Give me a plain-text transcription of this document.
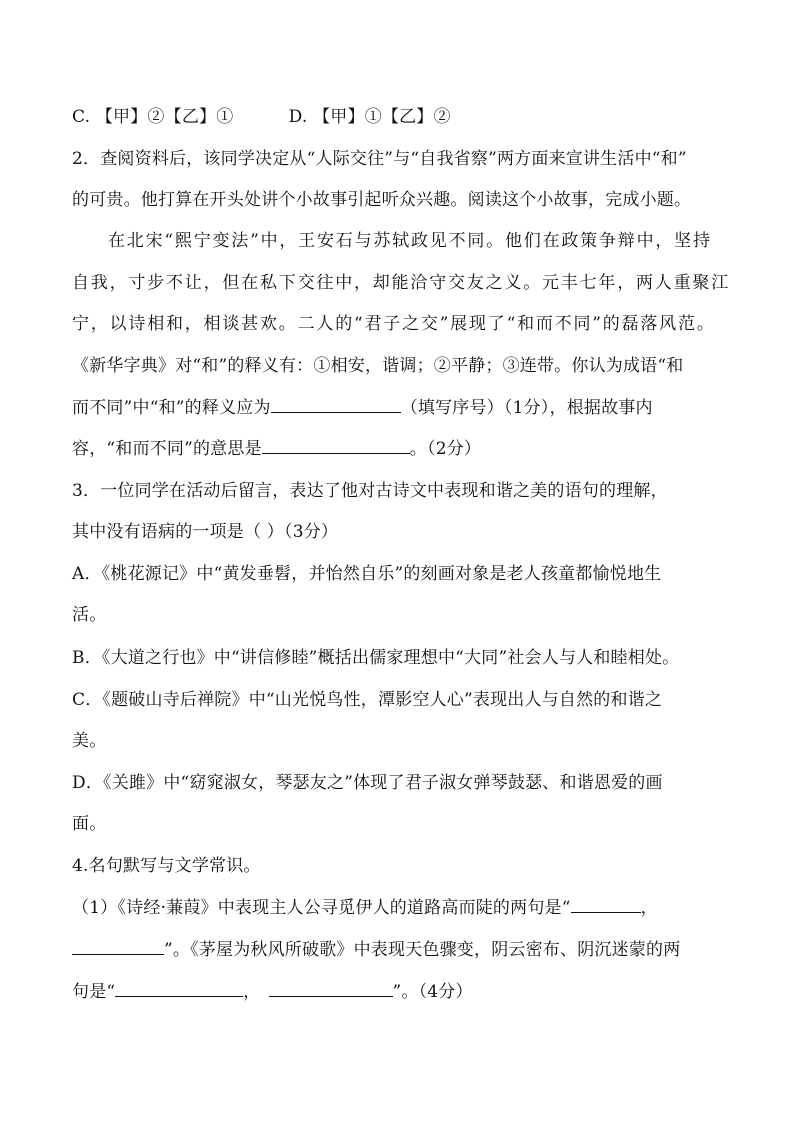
C. 【甲】②【乙】①	D. 【甲】①【乙】②
2．查阅资料后，该同学决定从“人际交往”与“自我省察”两方面来宣讲生活中“和”
的可贵。他打算在开头处讲个小故事引起听众兴趣。阅读这个小故事，完成小题。
在北宋“熙宁变法”中，王安石与苏轼政见不同。他们在政策争辩中，坚持
自我，寸步不让，但在私下交往中，却能洽守交友之义。元丰七年，两人重聚江
宁，以诗相和，相谈甚欢。二人的“君子之交”展现了“和而不同”的磊落风范。
《新华字典》对“和”的释义有：①相安，谐调；②平静；③连带。你认为成语“和
而不同”中“和”的释义应为	（填写序号）（1分），根据故事内
容，“和而不同”的意思是	。（2分）
3．一位同学在活动后留言，表达了他对古诗文中表现和谐之美的语句的理解，
其中没有语病的一项是（ ）（3分）
A．《桃花源记》中“黄发垂髫，并怡然自乐”的刻画对象是老人孩童都愉悦地生
活。
B．《大道之行也》中“讲信修睦”概括出儒家理想中“大同”社会人与人和睦相处。
C．《题破山寺后禅院》中“山光悦鸟性，潭影空人心”表现出人与自然的和谐之
美。
D．《关雎》中“窈窕淑女，琴瑟友之”体现了君子淑女弹琴鼓瑟、和谐恩爱的画
面。
4.名句默写与文学常识。
（1）《诗经·蒹葭》中表现主人公寻觅伊人的道路高而陡的两句是“	，
”。《茅屋为秋风所破歌》中表现天色骤变，阴云密布、阴沉迷蒙的两
句是“	，	”。（4分）
